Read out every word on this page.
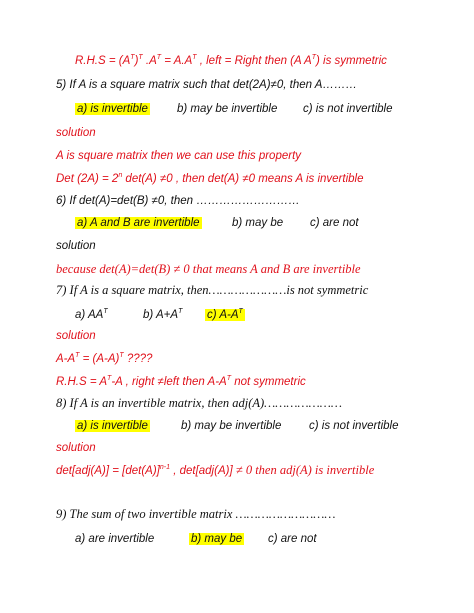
$R.H.S = (A^T)^T$ $.A^T = A.A^T$ , left = Right then (A $A^T$) is symmetric
5) If A is a square matrix such that det(2A)≠0, then A………
a) is invertible	b) may be invertible c) is not invertible
solution
A is square matrix then we can use this property
Det $(2A) = 2^n$ det(A) ≠0 , then det(A) ≠0 means A is invertible
6) If det(A)=det(B) ≠0, then ………………………
a) A and B are invertible	b) may be c) are not
solution
because det(A)=det(B) ≠ 0 that means A and B are invertible
7) If A is a square matrix, then…………………is not symmetric
a) $AA^T$	b) $A+A^T$ c) $A-A^T$
solution
$A-A^T = (A-A)^T$ ????
$R.H.S = A^T-A$ , right ≠left then $A-A^T$ not symmetric
8) If A is an invertible matrix, then adj(A)…………………
a) is invertible	b) may be invertible c) is not invertible
solution
$\det[adj(A)] = [\det(A)]^{n-1}$ , det[adj(A)] ≠ 0 then adj(A) is invertible
9) The sum of two invertible matrix ………………………
a) are invertible	b) may be c) are not
